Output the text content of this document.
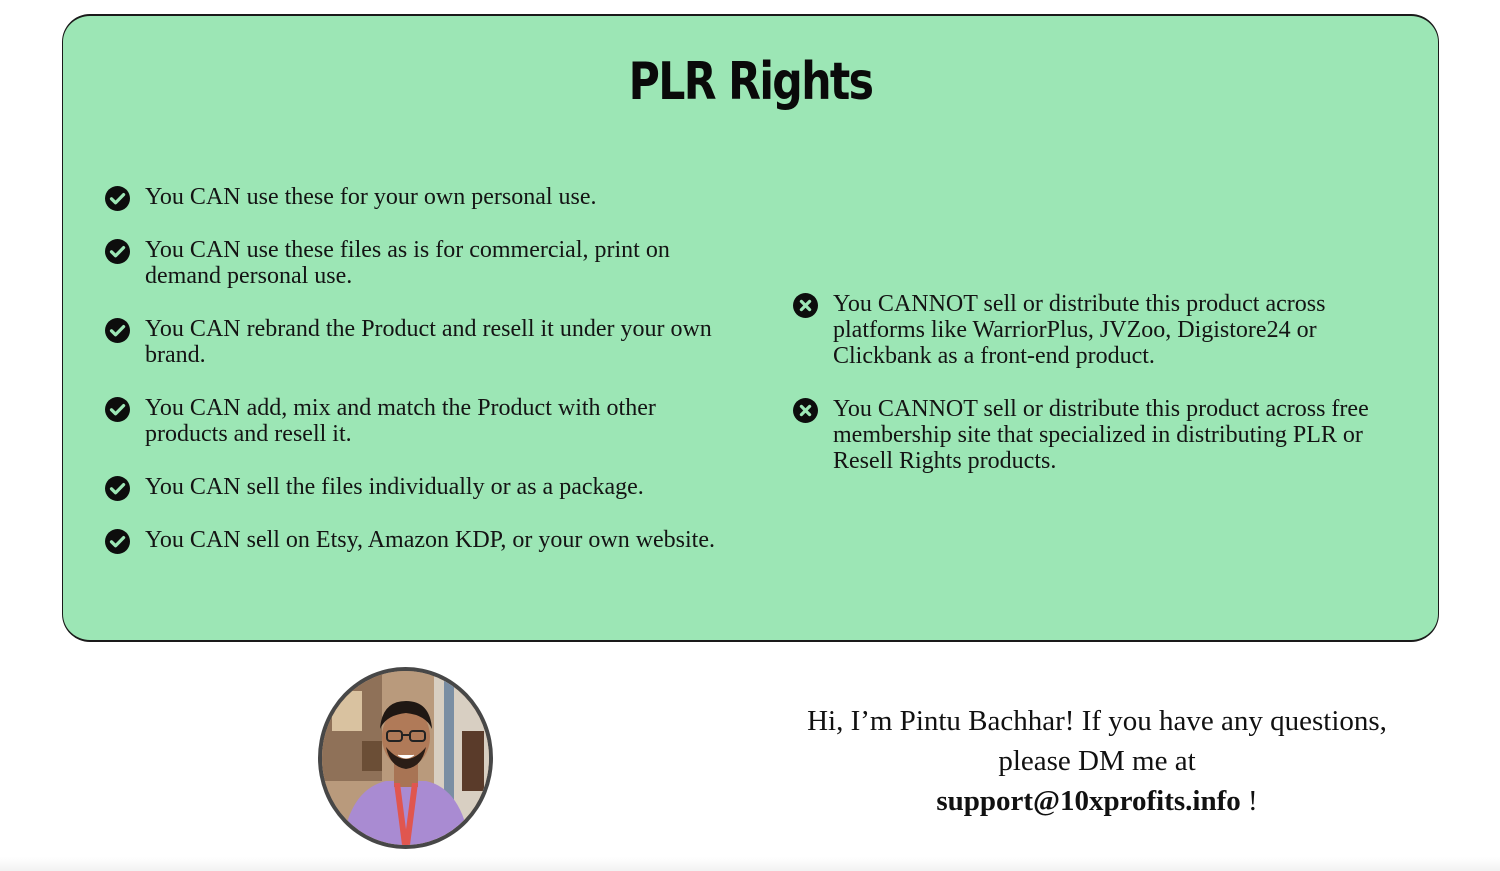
PLR Rights
You CAN use these for your own personal use.
You CAN use these files as is for commercial, print on demand personal use.
You CAN rebrand the Product and resell it under your own brand.
You CAN add, mix and match the Product with other products and resell it.
You CAN sell the files individually or as a package.
You CAN sell on Etsy, Amazon KDP, or your own website.
You CANNOT sell or distribute this product across platforms like WarriorPlus, JVZoo, Digistore24 or Clickbank as a front-end product.
You CANNOT sell or distribute this product across free membership site that specialized in distributing PLR or Resell Rights products.
Hi, I’m Pintu Bachhar! If you have any questions, please DM me at
support@10xprofits.info !
